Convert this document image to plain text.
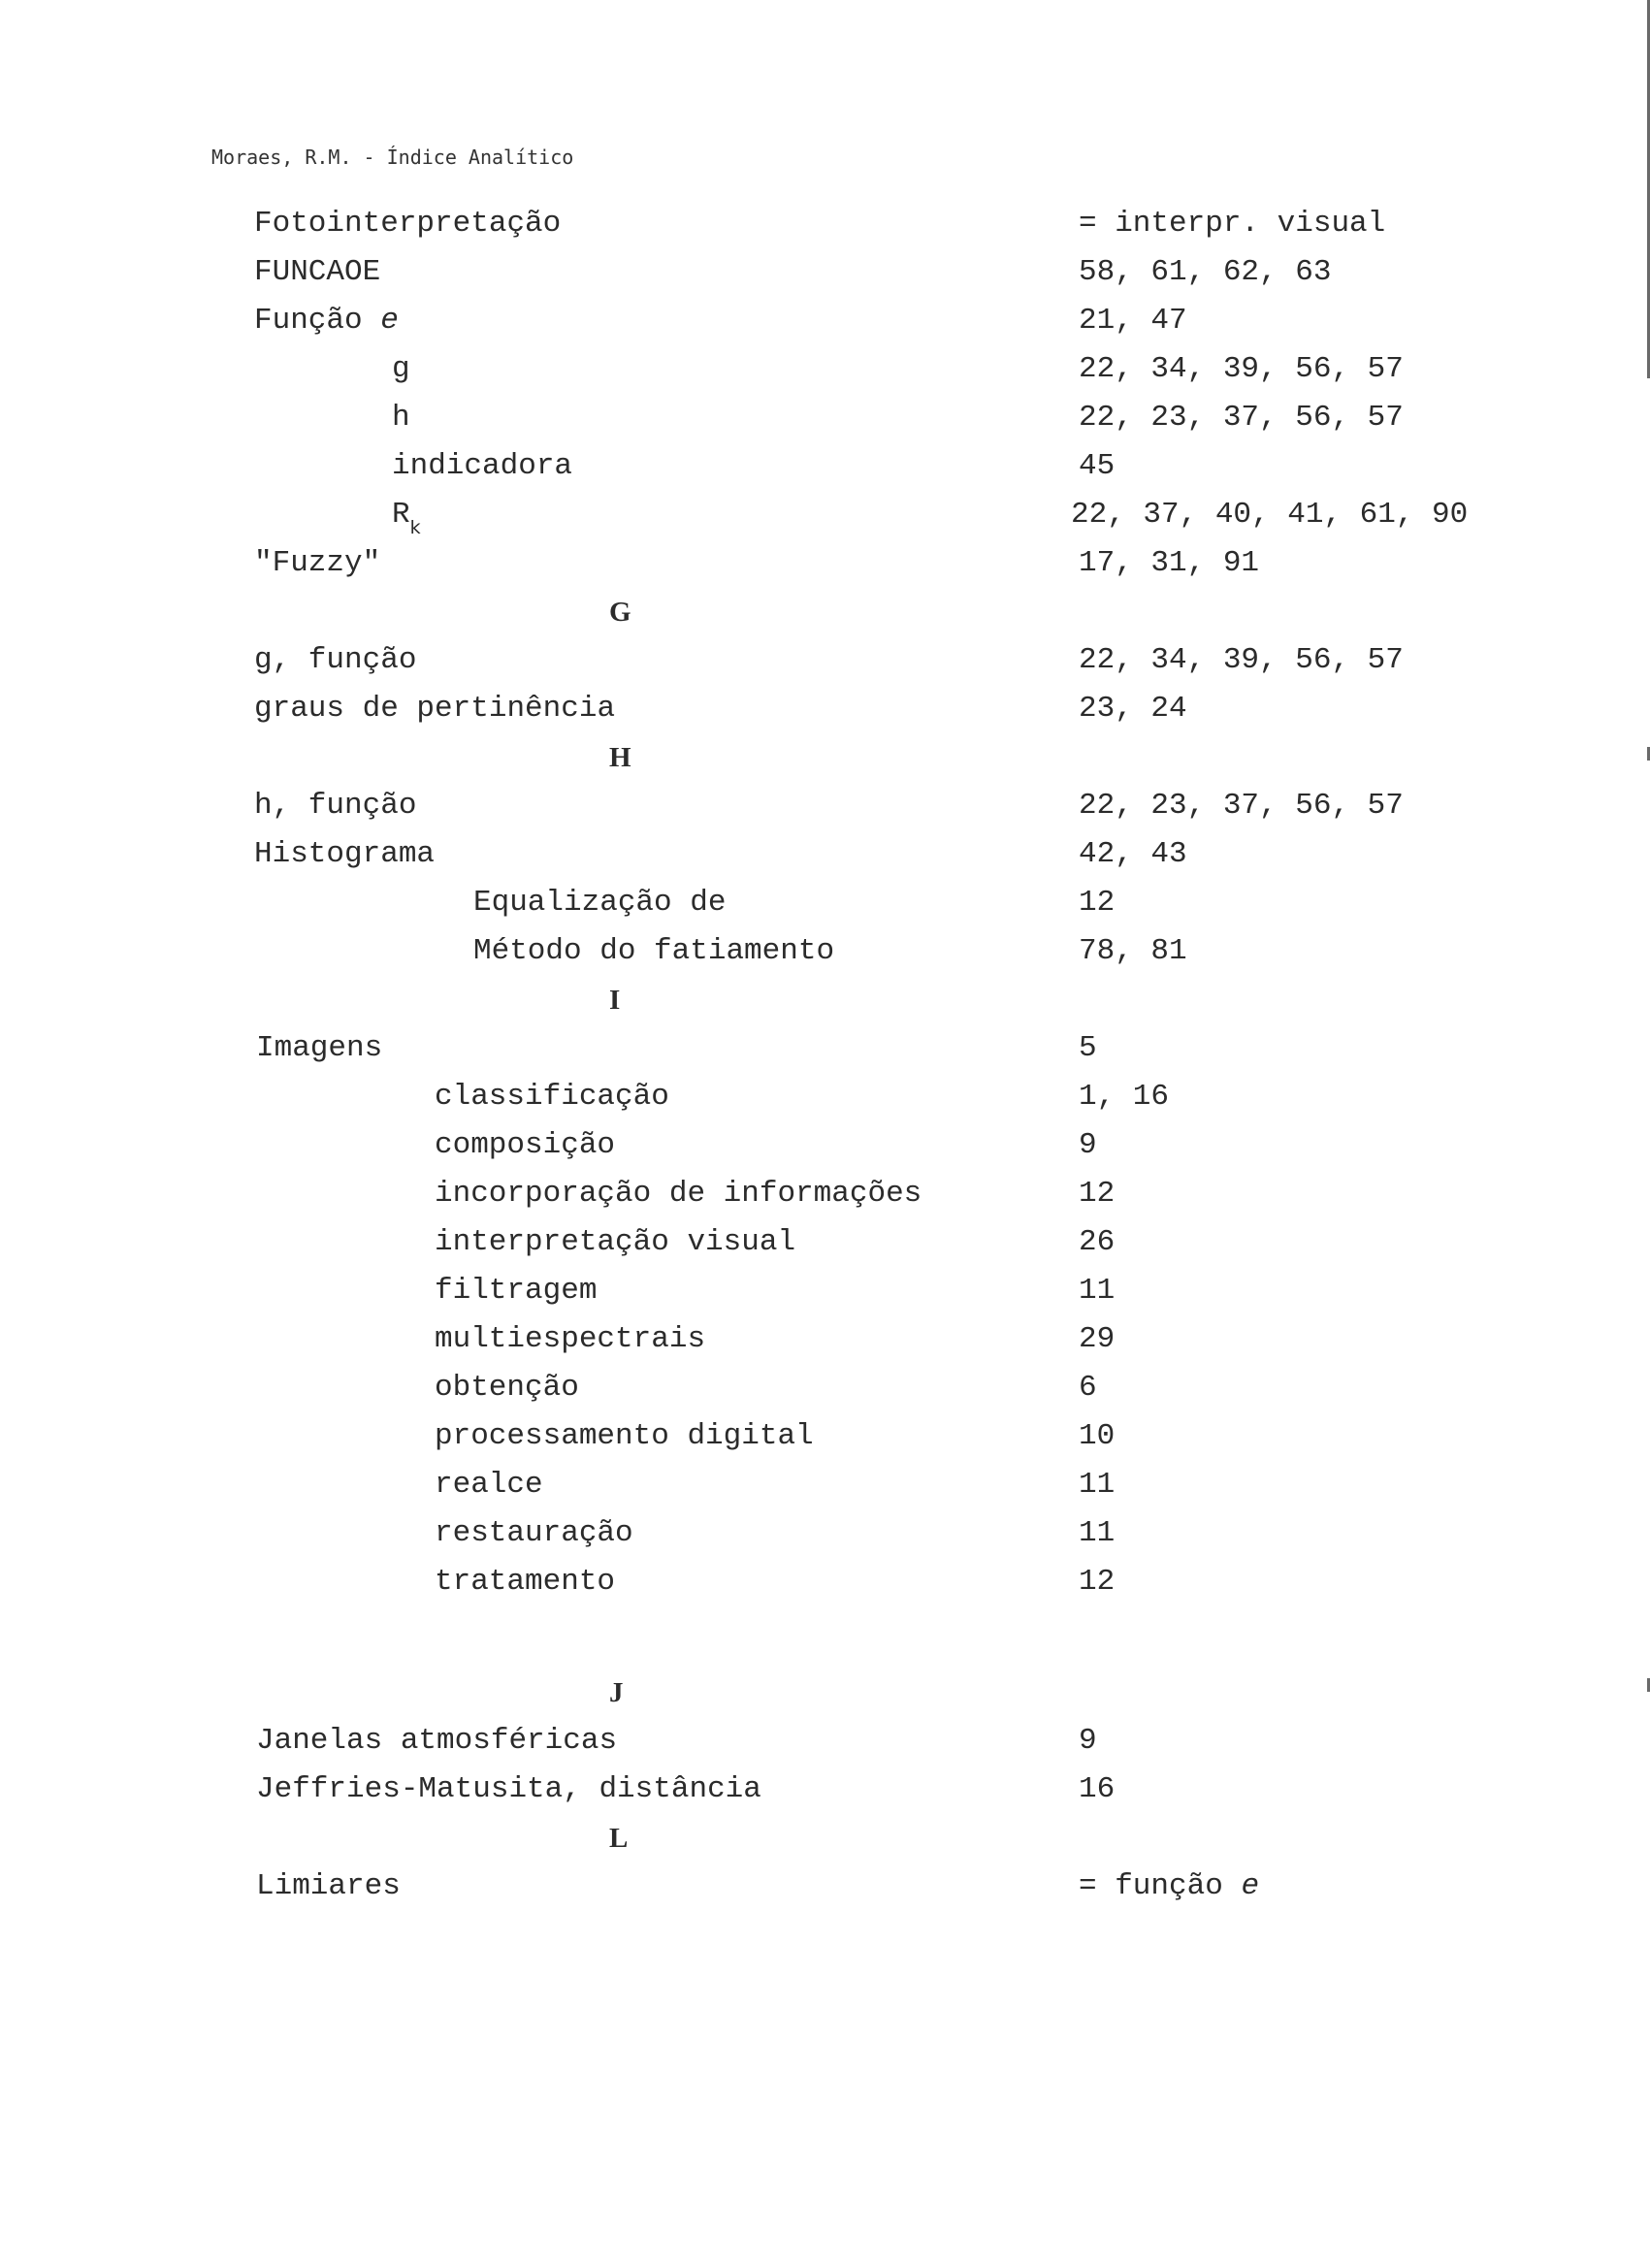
Moraes, R.M. - Índice Analítico
Fotointerpretação	= interpr. visual
FUNCAOE	58, 61, 62, 63
Função e	21, 47
g	22, 34, 39, 56, 57
h	22, 23, 37, 56, 57
indicadora	45
$R_k$	22, 37, 40, 41, 61, 90
"Fuzzy"	17, 31, 91
G
g, função	22, 34, 39, 56, 57
graus de pertinência	23, 24
H
h, função	22, 23, 37, 56, 57
Histograma	42, 43
Equalização de	12
Método do fatiamento	78, 81
I
Imagens	5
classificação	1, 16
composição	9
incorporação de informações	12
interpretação visual	26
filtragem	11
multiespectrais	29
obtenção	6
processamento digital	10
realce	11
restauração	11
tratamento	12
J
Janelas atmosféricas	9
Jeffries-Matusita, distância	16
L
Limiares	= função e
